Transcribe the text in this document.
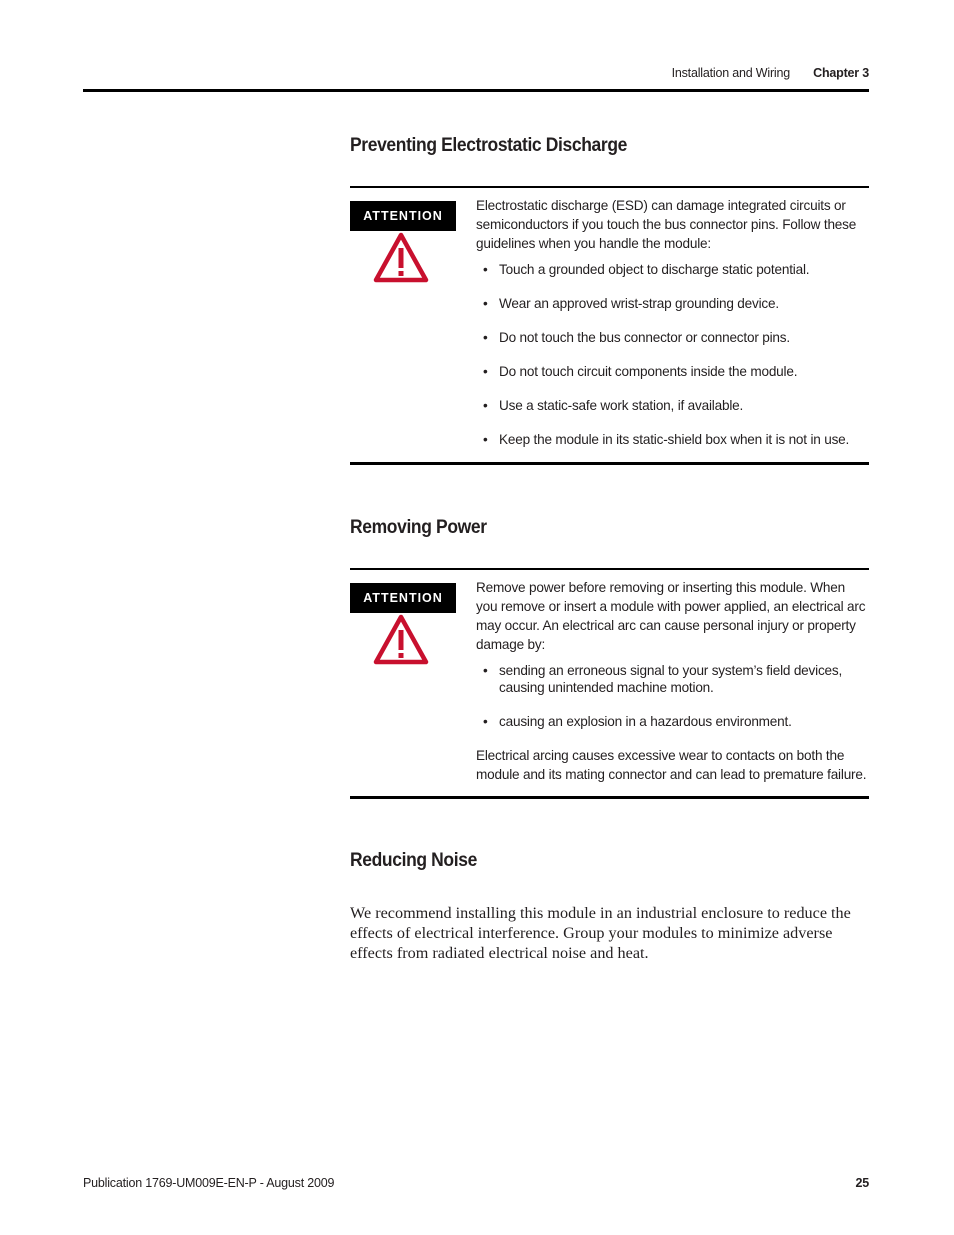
Installation and Wiring Chapter 3
Preventing Electrostatic Discharge
ATTENTION

Electrostatic discharge (ESD) can damage integrated circuits or semiconductors if you touch the bus connector pins. Follow these guidelines when you handle the module:

• Touch a grounded object to discharge static potential.
• Wear an approved wrist-strap grounding device.
• Do not touch the bus connector or connector pins.
• Do not touch circuit components inside the module.
• Use a static-safe work station, if available.
• Keep the module in its static-shield box when it is not in use.
Removing Power
ATTENTION

Remove power before removing or inserting this module. When you remove or insert a module with power applied, an electrical arc may occur. An electrical arc can cause personal injury or property damage by:

• sending an erroneous signal to your system’s field devices, causing unintended machine motion.
• causing an explosion in a hazardous environment.

Electrical arcing causes excessive wear to contacts on both the module and its mating connector and can lead to premature failure.

Reducing Noise
We recommend installing this module in an industrial enclosure to reduce the effects of electrical interference. Group your modules to minimize adverse effects from radiated electrical noise and heat.
Publication 1769-UM009E-EN-P - August 2009	25
